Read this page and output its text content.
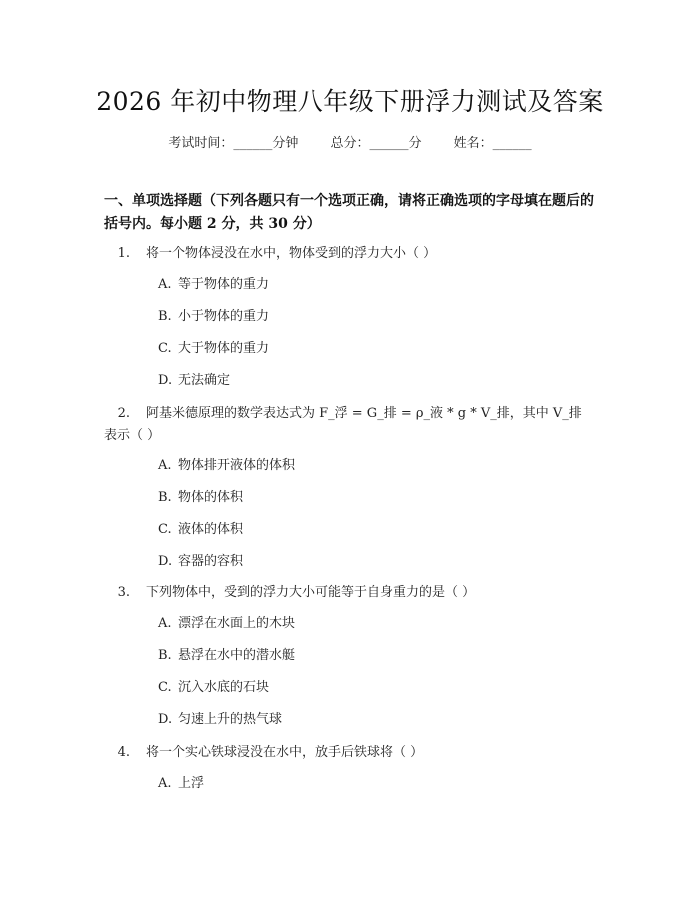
2026 年初中物理八年级下册浮力测试及答案
考试时间：______分钟 总分：______分 姓名：______
一、单项选择题（下列各题只有一个选项正确，请将正确选项的字母填在题后的括号内。每小题 2 分，共 30 分）
1. 将一个物体浸没在水中，物体受到的浮力大小（ ）
A. 等于物体的重力
B. 小于物体的重力
C. 大于物体的重力
D. 无法确定
2. 阿基米德原理的数学表达式为 F_浮 = G_排 = ρ_液 * g * V_排，其中 V_排 表示（ ）
A. 物体排开液体的体积
B. 物体的体积
C. 液体的体积
D. 容器的容积
3. 下列物体中，受到的浮力大小可能等于自身重力的是（ ）
A. 漂浮在水面上的木块
B. 悬浮在水中的潜水艇
C. 沉入水底的石块
D. 匀速上升的热气球
4. 将一个实心铁球浸没在水中，放手后铁球将（ ）
A. 上浮
